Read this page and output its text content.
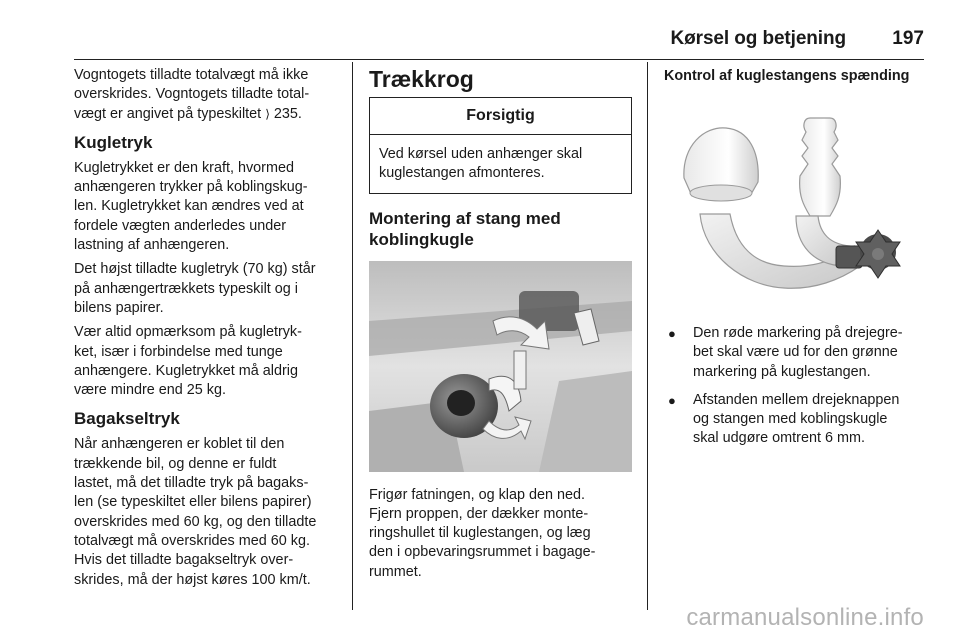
Kørsel og betjening 197

Vogntogets tilladte totalvægt må ikke
overskrides. Vogntogets tilladte total-
vægt er angivet på typeskiltet ⟩ 235.

Kugletryk

Kugletrykket er den kraft, hvormed
anhængeren trykker på koblingskug-
len. Kugletrykket kan ændres ved at
fordele vægten anderledes under
lastning af anhængeren.

Det højst tilladte kugletryk (70 kg) står
på anhængertrækkets typeskilt og i
bilens papirer.

Vær altid opmærksom på kugletryk-
ket, især i forbindelse med tunge
anhængere. Kugletrykket må aldrig
være mindre end 25 kg.

Bagakseltryk

Når anhængeren er koblet til den
trækkende bil, og denne er fuldt
lastet, må det tilladte tryk på bagaks-
len (se typeskiltet eller bilens papirer)
overskrides med 60 kg, og den tilladte
totalvægt må overskrides med 60 kg.
Hvis det tilladte bagakseltryk over-
skrides, må der højst køres 100 km/t.

Trækkrog
Forsigtig
Ved kørsel uden anhænger skal
kuglestangen afmonteres.
Montering af stang med
koblingkugle

Frigør fatningen, og klap den ned.
Fjern proppen, der dækker monte-
ringshullet til kuglestangen, og læg
den i opbevaringsrummet i bagage-
rummet.

Kontrol af kuglestangens spænding
● Den røde markering på drejegre-
bet skal være ud for den grønne
markering på kuglestangen.
● Afstanden mellem drejeknappen
og stangen med koblingskugle
skal udgøre omtrent 6 mm.
carmanualsonline.info
